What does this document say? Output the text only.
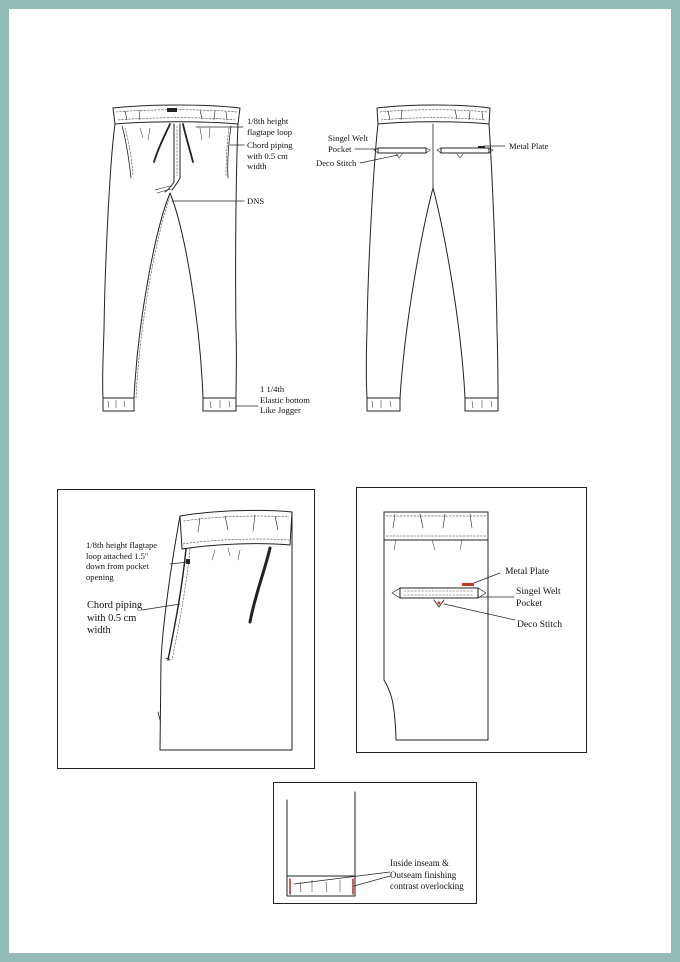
1/8th height
flagtape loop
Chord piping
with 0.5 cm
width
DNS
1 1/4th
Elastic bottom
Like Jogger
Singel Welt
Pocket
Deco Stitch
Metal Plate
1/8th height flagtape
loop attached 1.5''
down from pocket
opening
Chord piping
with 0.5 cm
width
Metal Plate
Singel Welt
Pocket
Deco Stitch
Inside inseam &
Outseam finishing
contrast overlocking
